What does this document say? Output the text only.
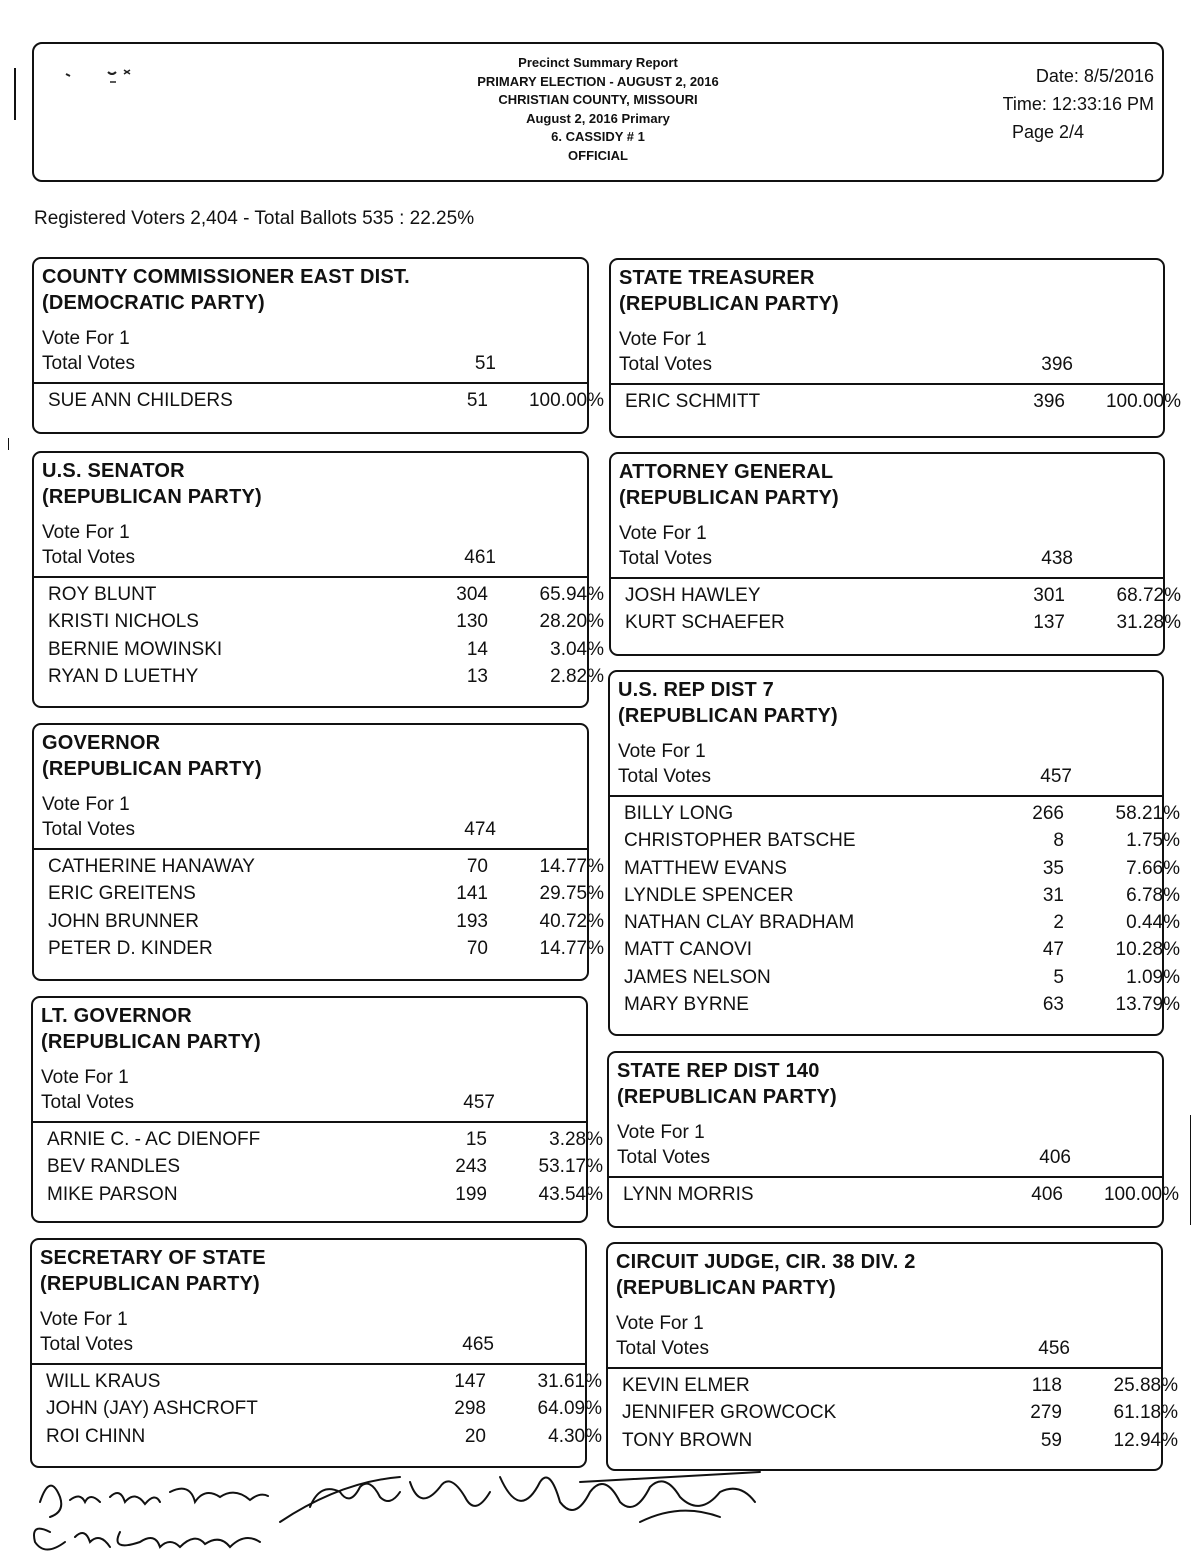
Precinct Summary Report
PRIMARY ELECTION - AUGUST 2, 2016
CHRISTIAN COUNTY, MISSOURI
August 2, 2016 Primary
6. CASSIDY # 1
OFFICIAL
Date: 8/5/2016
Time: 12:33:16 PM
Page 2/4
Registered Voters 2,404 - Total Ballots 535 : 22.25%
COUNTY COMMISSIONER EAST DIST.
(DEMOCRATIC PARTY)
Vote For 1
Total Votes	51
SUE ANN CHILDERS	51	100.00%
U.S. SENATOR
(REPUBLICAN PARTY)
Vote For 1
Total Votes	461
ROY BLUNT	304	65.94%
KRISTI NICHOLS	130	28.20%
BERNIE MOWINSKI	14	3.04%
RYAN D LUETHY	13	2.82%
GOVERNOR
(REPUBLICAN PARTY)
Vote For 1
Total Votes	474
CATHERINE HANAWAY	70	14.77%
ERIC GREITENS	141	29.75%
JOHN BRUNNER	193	40.72%
PETER D. KINDER	70	14.77%
LT. GOVERNOR
(REPUBLICAN PARTY)
Vote For 1
Total Votes	457
ARNIE C. - AC DIENOFF	15	3.28%
BEV RANDLES	243	53.17%
MIKE PARSON	199	43.54%
SECRETARY OF STATE
(REPUBLICAN PARTY)
Vote For 1
Total Votes	465
WILL KRAUS	147	31.61%
JOHN (JAY) ASHCROFT	298	64.09%
ROI CHINN	20	4.30%
STATE TREASURER
(REPUBLICAN PARTY)
Vote For 1
Total Votes	396
ERIC SCHMITT	396	100.00%
ATTORNEY GENERAL
(REPUBLICAN PARTY)
Vote For 1
Total Votes	438
JOSH HAWLEY	301	68.72%
KURT SCHAEFER	137	31.28%
U.S. REP DIST 7
(REPUBLICAN PARTY)
Vote For 1
Total Votes	457
BILLY LONG	266	58.21%
CHRISTOPHER BATSCHE	8	1.75%
MATTHEW EVANS	35	7.66%
LYNDLE SPENCER	31	6.78%
NATHAN CLAY BRADHAM	2	0.44%
MATT CANOVI	47	10.28%
JAMES NELSON	5	1.09%
MARY BYRNE	63	13.79%
STATE REP DIST 140
(REPUBLICAN PARTY)
Vote For 1
Total Votes	406
LYNN MORRIS	406	100.00%
CIRCUIT JUDGE, CIR. 38 DIV. 2
(REPUBLICAN PARTY)
Vote For 1
Total Votes	456
KEVIN ELMER	118	25.88%
JENNIFER GROWCOCK	279	61.18%
TONY BROWN	59	12.94%
